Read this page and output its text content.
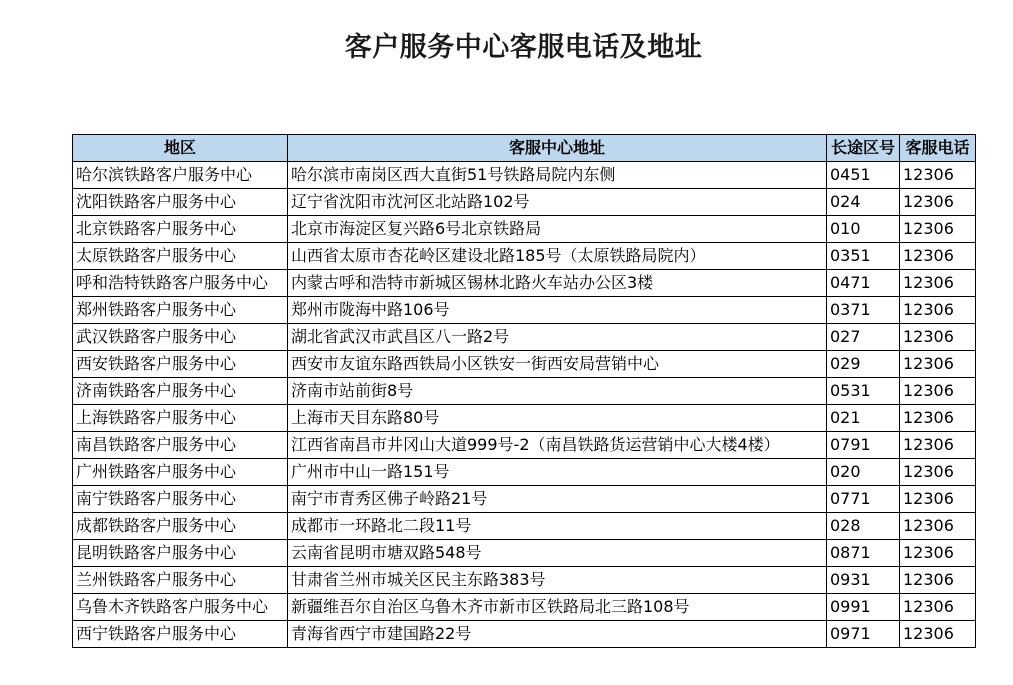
客户服务中心客服电话及地址
地区	客服中心地址	长途区号	客服电话
哈尔滨铁路客户服务中心	哈尔滨市南岗区西大直街51号铁路局院内东侧	0451	12306
沈阳铁路客户服务中心	辽宁省沈阳市沈河区北站路102号	024	12306
北京铁路客户服务中心	北京市海淀区复兴路6号北京铁路局	010	12306
太原铁路客户服务中心	山西省太原市杏花岭区建设北路185号（太原铁路局院内）	0351	12306
呼和浩特铁路客户服务中心	内蒙古呼和浩特市新城区锡林北路火车站办公区3楼	0471	12306
郑州铁路客户服务中心	郑州市陇海中路106号	0371	12306
武汉铁路客户服务中心	湖北省武汉市武昌区八一路2号	027	12306
西安铁路客户服务中心	西安市友谊东路西铁局小区铁安一街西安局营销中心	029	12306
济南铁路客户服务中心	济南市站前街8号	0531	12306
上海铁路客户服务中心	上海市天目东路80号	021	12306
南昌铁路客户服务中心	江西省南昌市井冈山大道999号-2（南昌铁路货运营销中心大楼4楼）	0791	12306
广州铁路客户服务中心	广州市中山一路151号	020	12306
南宁铁路客户服务中心	南宁市青秀区佛子岭路21号	0771	12306
成都铁路客户服务中心	成都市一环路北二段11号	028	12306
昆明铁路客户服务中心	云南省昆明市塘双路548号	0871	12306
兰州铁路客户服务中心	甘肃省兰州市城关区民主东路383号	0931	12306
乌鲁木齐铁路客户服务中心	新疆维吾尔自治区乌鲁木齐市新市区铁路局北三路108号	0991	12306
西宁铁路客户服务中心	青海省西宁市建国路22号	0971	12306
